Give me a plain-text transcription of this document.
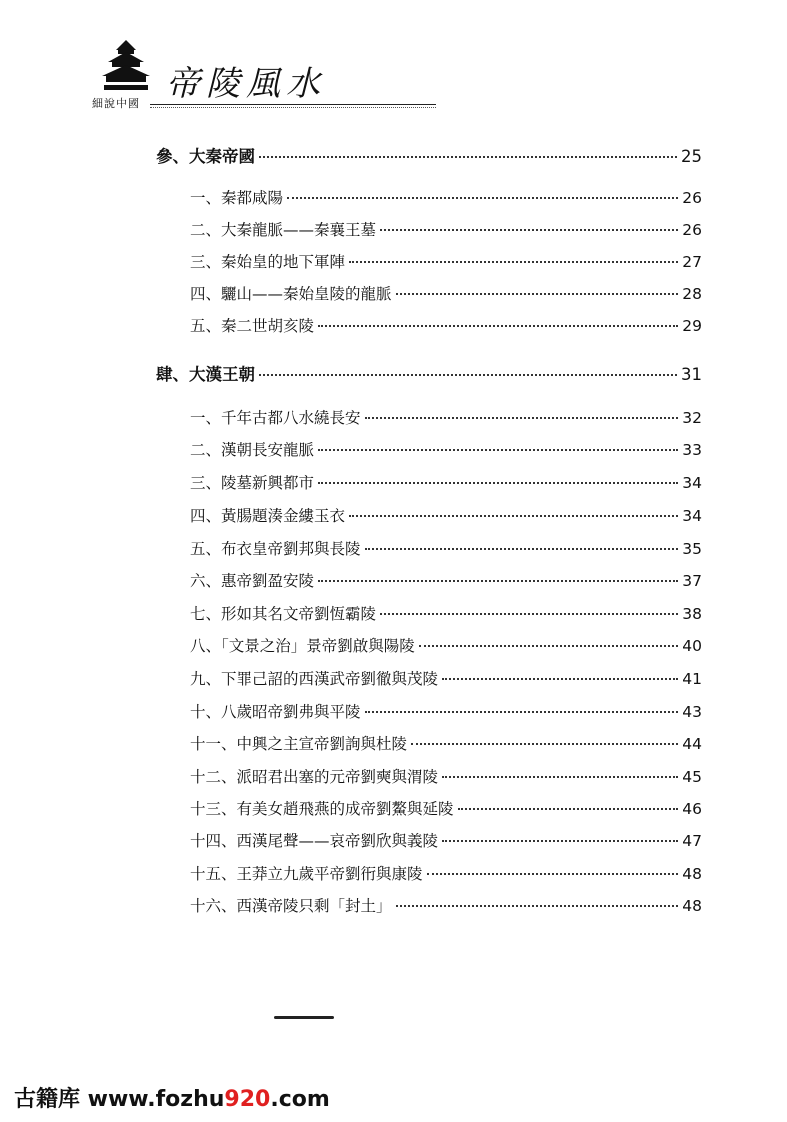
細說中國 帝陵風水
參、大秦帝國	25
一、秦都咸陽	26
二、大秦龍脈——秦襄王墓	26
三、秦始皇的地下軍陣	27
四、驪山——秦始皇陵的龍脈	28
五、秦二世胡亥陵	29
肆、大漢王朝	31
一、千年古都八水繞長安	32
二、漢朝長安龍脈	33
三、陵墓新興都市	34
四、黃腸題湊金縷玉衣	34
五、布衣皇帝劉邦與長陵	35
六、惠帝劉盈安陵	37
七、形如其名文帝劉恆霸陵	38
八、「文景之治」景帝劉啟與陽陵	40
九、下罪己詔的西漢武帝劉徹與茂陵	41
十、八歲昭帝劉弗與平陵	43
十一、中興之主宣帝劉詢與杜陵	44
十二、派昭君出塞的元帝劉奭與渭陵	45
十三、有美女趙飛燕的成帝劉鰲與延陵	46
十四、西漢尾聲——哀帝劉欣與義陵	47
十五、王莽立九歲平帝劉衎與康陵	48
十六、西漢帝陵只剩「封土」	48
古籍库 www.fozhu920.com
